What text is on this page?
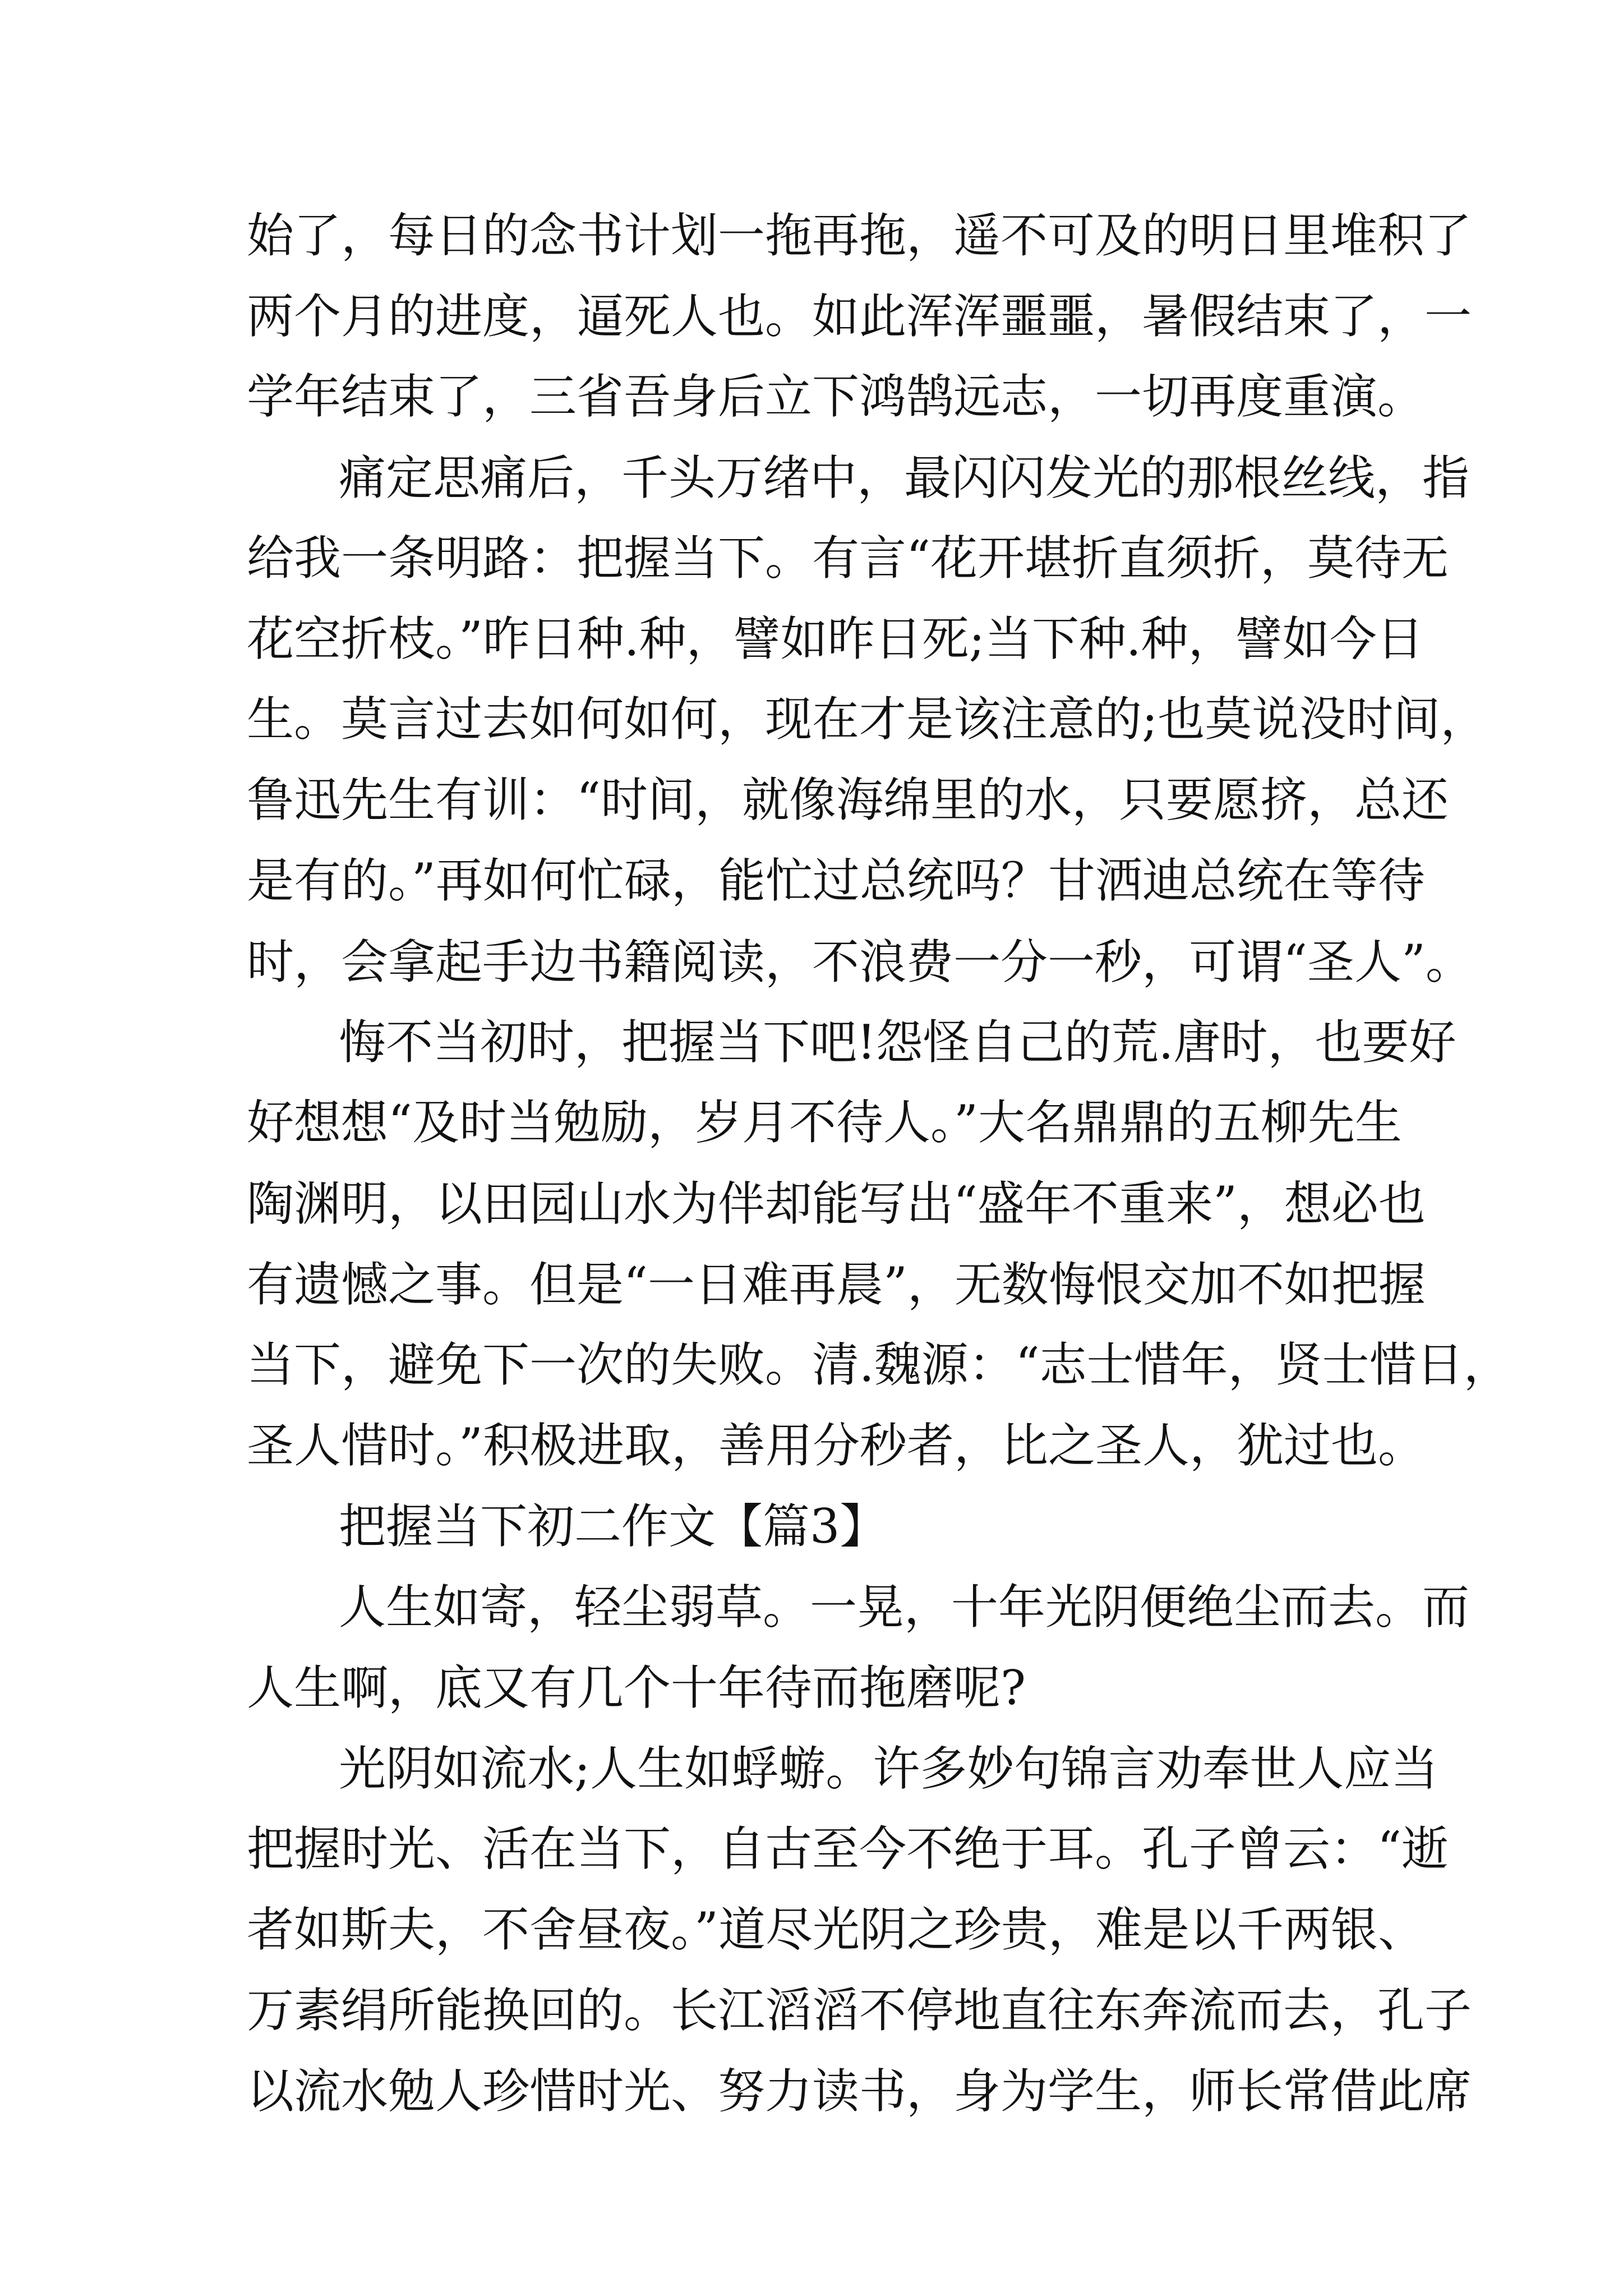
始了，每日的念书计划一拖再拖，遥不可及的明日里堆积了
两个月的进度，逼死人也。如此浑浑噩噩，暑假结束了，一
学年结束了，三省吾身后立下鸿鹄远志，一切再度重演。
痛定思痛后，千头万绪中，最闪闪发光的那根丝线，指
给我一条明路：把握当下。有言“花开堪折直须折，莫待无
花空折枝。”昨日种.种，譬如昨日死;当下种.种，譬如今日
生。莫言过去如何如何，现在才是该注意的;也莫说没时间，
鲁迅先生有训：“时间，就像海绵里的水，只要愿挤，总还
是有的。”再如何忙碌，能忙过总统吗？甘洒迪总统在等待
时，会拿起手边书籍阅读，不浪费一分一秒，可谓“圣人”。
悔不当初时，把握当下吧!怨怪自己的荒.唐时，也要好
好想想“及时当勉励，岁月不待人。”大名鼎鼎的五柳先生
陶渊明，以田园山水为伴却能写出“盛年不重来”，想必也
有遗憾之事。但是“一日难再晨”，无数悔恨交加不如把握
当下，避免下一次的失败。清.魏源：“志士惜年，贤士惜日，
圣人惜时。”积极进取，善用分秒者，比之圣人，犹过也。
把握当下初二作文【篇3】
人生如寄，轻尘弱草。一晃，十年光阴便绝尘而去。而
人生啊，底又有几个十年待而拖磨呢?
光阴如流水;人生如蜉蝣。许多妙句锦言劝奉世人应当
把握时光、活在当下，自古至今不绝于耳。孔子曾云：“逝
者如斯夫，不舍昼夜。”道尽光阴之珍贵，难是以千两银、
万素绢所能换回的。长江滔滔不停地直往东奔流而去，孔子
以流水勉人珍惜时光、努力读书，身为学生，师长常借此席
